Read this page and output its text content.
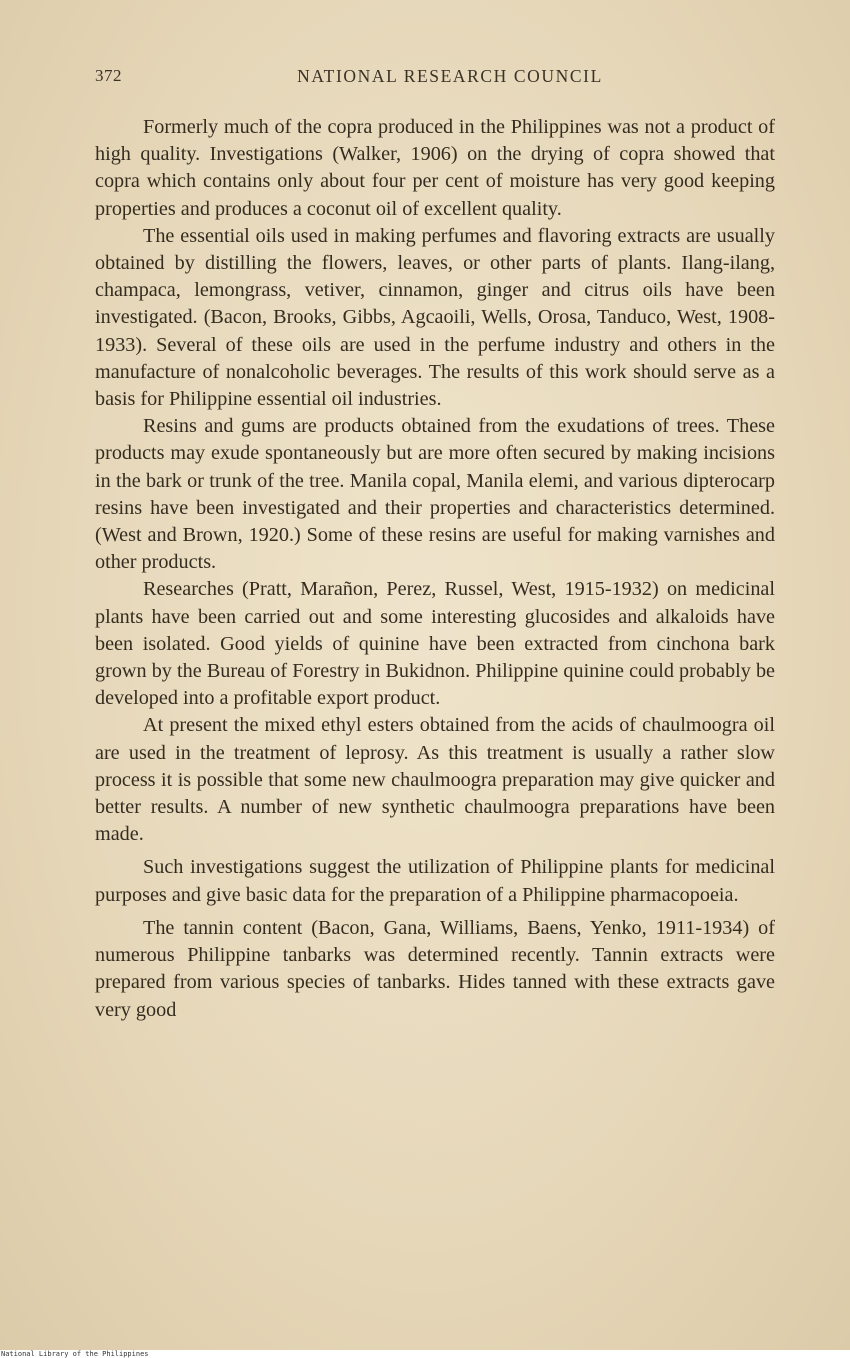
372	NATIONAL RESEARCH COUNCIL

Formerly much of the copra produced in the Philippines was not a product of high quality. Investigations (Walker, 1906) on the drying of copra showed that copra which contains only about four per cent of moisture has very good keeping properties and produces a coconut oil of excellent quality.

The essential oils used in making perfumes and flavoring extracts are usually obtained by distilling the flowers, leaves, or other parts of plants. Ilang-ilang, champaca, lemongrass, vetiver, cinnamon, ginger and citrus oils have been investigated. (Bacon, Brooks, Gibbs, Agcaoili, Wells, Orosa, Tanduco, West, 1908-1933). Several of these oils are used in the perfume industry and others in the manufacture of nonalcoholic beverages. The results of this work should serve as a basis for Philippine essential oil industries.

Resins and gums are products obtained from the exudations of trees. These products may exude spontaneously but are more often secured by making incisions in the bark or trunk of the tree. Manila copal, Manila elemi, and various dipterocarp resins have been investigated and their properties and characteristics determined. (West and Brown, 1920.) Some of these resins are useful for making varnishes and other products.

Researches (Pratt, Marañon, Perez, Russel, West, 1915-1932) on medicinal plants have been carried out and some interesting glucosides and alkaloids have been isolated. Good yields of quinine have been extracted from cinchona bark grown by the Bureau of Forestry in Bukidnon. Philippine quinine could probably be developed into a profitable export product.

At present the mixed ethyl esters obtained from the acids of chaulmoogra oil are used in the treatment of leprosy. As this treatment is usually a rather slow process it is possible that some new chaulmoogra preparation may give quicker and better results. A number of new synthetic chaulmoogra preparations have been made.

Such investigations suggest the utilization of Philippine plants for medicinal purposes and give basic data for the preparation of a Philippine pharmacopoeia.

The tannin content (Bacon, Gana, Williams, Baens, Yenko, 1911-1934) of numerous Philippine tanbarks was determined recently. Tannin extracts were prepared from various species of tanbarks. Hides tanned with these extracts gave very good

National Library of the Philippines
